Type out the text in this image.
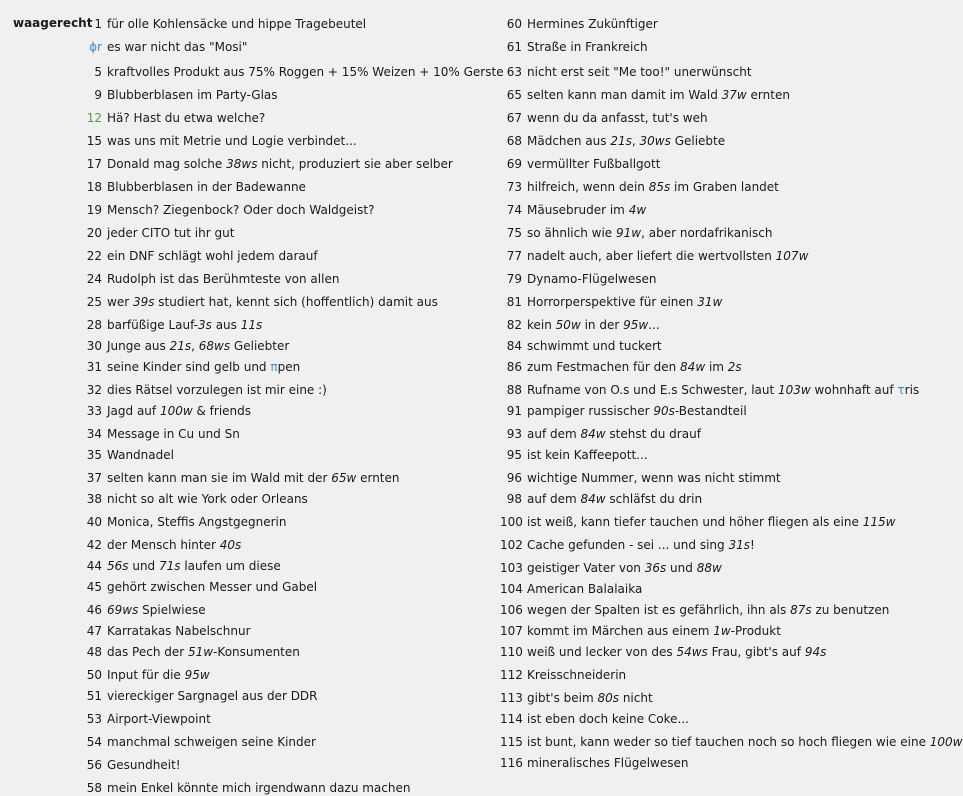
waagerecht 1 für olle Kohlensäcke und hippe Tragebeutel
ϕr es war nicht das "Mosi"
5 kraftvolles Produkt aus 75% Roggen + 15% Weizen + 10% Gerste
9 Blubberblasen im Party-Glas
12 Hä? Hast du etwa welche?
15 was uns mit Metrie und Logie verbindet...
17 Donald mag solche 38ws nicht, produziert sie aber selber
18 Blubberblasen in der Badewanne
19 Mensch? Ziegenbock? Oder doch Waldgeist?
20 jeder CITO tut ihr gut
22 ein DNF schlägt wohl jedem darauf
24 Rudolph ist das Berühmteste von allen
25 wer 39s studiert hat, kennt sich (hoffentlich) damit aus
28 barfüßige Lauf-3s aus 11s
30 Junge aus 21s, 68ws Geliebter
31 seine Kinder sind gelb und πpen
32 dies Rätsel vorzulegen ist mir eine :)
33 Jagd auf 100w & friends
34 Message in Cu und Sn
35 Wandnadel
37 selten kann man sie im Wald mit der 65w ernten
38 nicht so alt wie York oder Orleans
40 Monica, Steffis Angstgegnerin
42 der Mensch hinter 40s
44 56s und 71s laufen um diese
45 gehört zwischen Messer und Gabel
46 69ws Spielwiese
47 Karratakas Nabelschnur
48 das Pech der 51w-Konsumenten
50 Input für die 95w
51 viereckiger Sargnagel aus der DDR
53 Airport-Viewpoint
54 manchmal schweigen seine Kinder
56 Gesundheit!
58 mein Enkel könnte mich irgendwann dazu machen
60 Hermines Zukünftiger
61 Straße in Frankreich
63 nicht erst seit "Me too!" unerwünscht
65 selten kann man damit im Wald 37w ernten
67 wenn du da anfasst, tut's weh
68 Mädchen aus 21s, 30ws Geliebte
69 vermüllter Fußballgott
73 hilfreich, wenn dein 85s im Graben landet
74 Mäusebruder im 4w
75 so ähnlich wie 91w, aber nordafrikanisch
77 nadelt auch, aber liefert die wertvollsten 107w
79 Dynamo-Flügelwesen
81 Horrorperspektive für einen 31w
82 kein 50w in der 95w...
84 schwimmt und tuckert
86 zum Festmachen für den 84w im 2s
88 Rufname von O.s und E.s Schwester, laut 103w wohnhaft auf τris
91 pampiger russischer 90s-Bestandteil
93 auf dem 84w stehst du drauf
95 ist kein Kaffeepott...
96 wichtige Nummer, wenn was nicht stimmt
98 auf dem 84w schläfst du drin
100 ist weiß, kann tiefer tauchen und höher fliegen als eine 115w
102 Cache gefunden - sei ... und sing 31s!
103 geistiger Vater von 36s und 88w
104 American Balalaika
106 wegen der Spalten ist es gefährlich, ihn als 87s zu benutzen
107 kommt im Märchen aus einem 1w-Produkt
110 weiß und lecker von des 54ws Frau, gibt's auf 94s
112 Kreisschneiderin
113 gibt's beim 80s nicht
114 ist eben doch keine Coke...
115 ist bunt, kann weder so tief tauchen noch so hoch fliegen wie eine 100w
116 mineralisches Flügelwesen
